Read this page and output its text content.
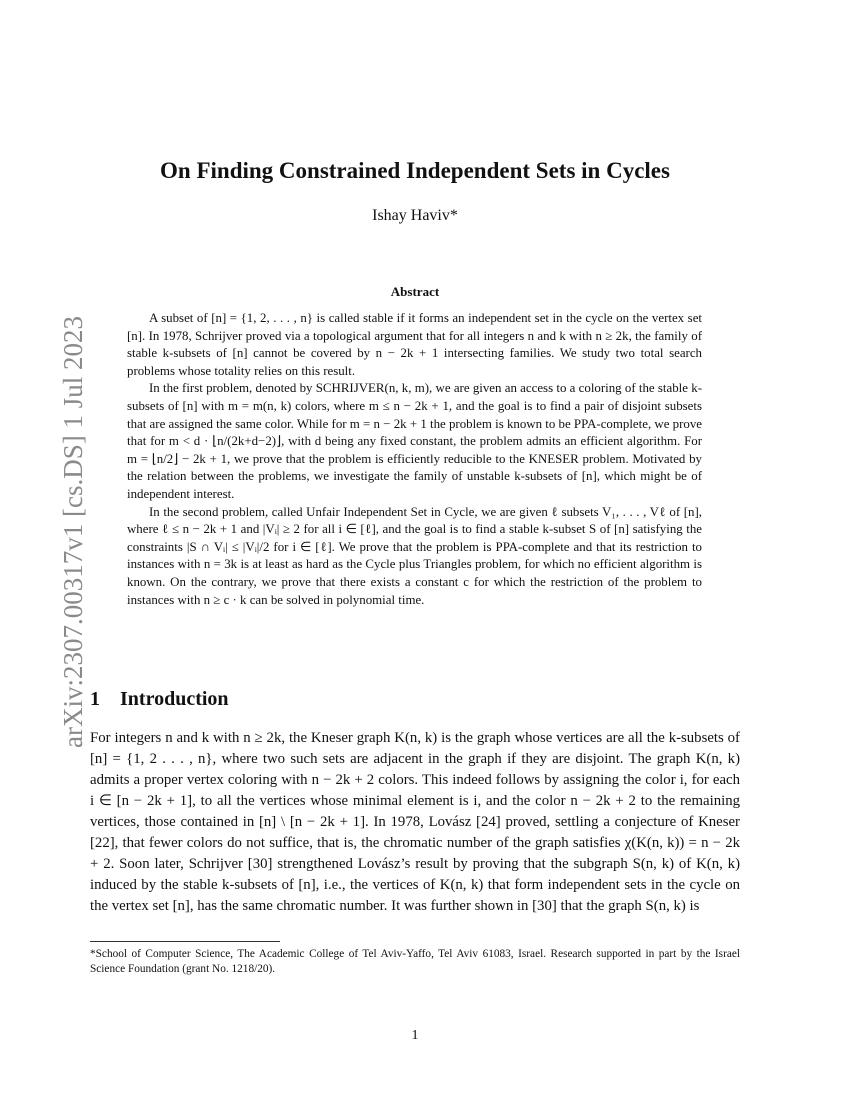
arXiv:2307.00317v1 [cs.DS] 1 Jul 2023
On Finding Constrained Independent Sets in Cycles
Ishay Haviv*
Abstract

A subset of [n] = {1, 2, . . . , n} is called stable if it forms an independent set in the cycle on the vertex set [n]. In 1978, Schrijver proved via a topological argument that for all integers n and k with n ≥ 2k, the family of stable k-subsets of [n] cannot be covered by n − 2k + 1 intersecting families. We study two total search problems whose totality relies on this result.

In the first problem, denoted by SCHRIJVER(n, k, m), we are given an access to a coloring of the stable k-subsets of [n] with m = m(n, k) colors, where m ≤ n − 2k + 1, and the goal is to find a pair of disjoint subsets that are assigned the same color. While for m = n − 2k + 1 the problem is known to be PPA-complete, we prove that for m < d · ⌊n/(2k+d−2)⌋, with d being any fixed constant, the problem admits an efficient algorithm. For m = ⌊n/2⌋ − 2k + 1, we prove that the problem is efficiently reducible to the KNESER problem. Motivated by the relation between the problems, we investigate the family of unstable k-subsets of [n], which might be of independent interest.

In the second problem, called Unfair Independent Set in Cycle, we are given ℓ subsets V₁, . . . , Vℓ of [n], where ℓ ≤ n − 2k + 1 and |Vᵢ| ≥ 2 for all i ∈ [ℓ], and the goal is to find a stable k-subset S of [n] satisfying the constraints |S ∩ Vᵢ| ≤ |Vᵢ|/2 for i ∈ [ℓ]. We prove that the problem is PPA-complete and that its restriction to instances with n = 3k is at least as hard as the Cycle plus Triangles problem, for which no efficient algorithm is known. On the contrary, we prove that there exists a constant c for which the restriction of the problem to instances with n ≥ c · k can be solved in polynomial time.

1 Introduction

For integers n and k with n ≥ 2k, the Kneser graph K(n, k) is the graph whose vertices are all the k-subsets of [n] = {1, 2 . . . , n}, where two such sets are adjacent in the graph if they are disjoint. The graph K(n, k) admits a proper vertex coloring with n − 2k + 2 colors. This indeed follows by assigning the color i, for each i ∈ [n − 2k + 1], to all the vertices whose minimal element is i, and the color n − 2k + 2 to the remaining vertices, those contained in [n] \ [n − 2k + 1]. In 1978, Lovász [24] proved, settling a conjecture of Kneser [22], that fewer colors do not suffice, that is, the chromatic number of the graph satisfies χ(K(n, k)) = n − 2k + 2. Soon later, Schrijver [30] strengthened Lovász’s result by proving that the subgraph S(n, k) of K(n, k) induced by the stable k-subsets of [n], i.e., the vertices of K(n, k) that form independent sets in the cycle on the vertex set [n], has the same chromatic number. It was further shown in [30] that the graph S(n, k) is

*School of Computer Science, The Academic College of Tel Aviv-Yaffo, Tel Aviv 61083, Israel. Research supported in part by the Israel Science Foundation (grant No. 1218/20).

1
